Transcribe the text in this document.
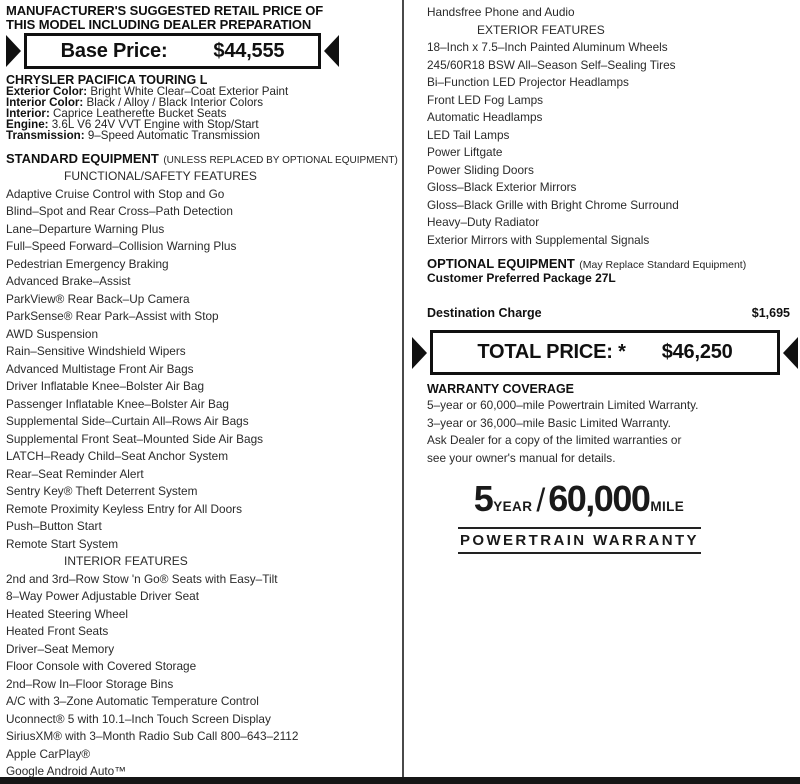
MANUFACTURER'S SUGGESTED RETAIL PRICE OF
THIS MODEL INCLUDING DEALER PREPARATION
Base Price: $44,555
CHRYSLER PACIFICA TOURING L
Exterior Color: Bright White Clear–Coat Exterior Paint
Interior Color: Black / Alloy / Black Interior Colors
Interior: Caprice Leatherette Bucket Seats
Engine: 3.6L V6 24V VVT Engine with Stop/Start
Transmission: 9–Speed Automatic Transmission
STANDARD EQUIPMENT (UNLESS REPLACED BY OPTIONAL EQUIPMENT)
FUNCTIONAL/SAFETY FEATURES
Adaptive Cruise Control with Stop and Go
Blind–Spot and Rear Cross–Path Detection
Lane–Departure Warning Plus
Full–Speed Forward–Collision Warning Plus
Pedestrian Emergency Braking
Advanced Brake–Assist
ParkView® Rear Back–Up Camera
ParkSense® Rear Park–Assist with Stop
AWD Suspension
Rain–Sensitive Windshield Wipers
Advanced Multistage Front Air Bags
Driver Inflatable Knee–Bolster Air Bag
Passenger Inflatable Knee–Bolster Air Bag
Supplemental Side–Curtain All–Rows Air Bags
Supplemental Front Seat–Mounted Side Air Bags
LATCH–Ready Child–Seat Anchor System
Rear–Seat Reminder Alert
Sentry Key® Theft Deterrent System
Remote Proximity Keyless Entry for All Doors
Push–Button Start
Remote Start System
INTERIOR FEATURES
2nd and 3rd–Row Stow 'n Go® Seats with Easy–Tilt
8–Way Power Adjustable Driver Seat
Heated Steering Wheel
Heated Front Seats
Driver–Seat Memory
Floor Console with Covered Storage
2nd–Row In–Floor Storage Bins
A/C with 3–Zone Automatic Temperature Control
Uconnect® 5 with 10.1–Inch Touch Screen Display
SiriusXM® with 3–Month Radio Sub Call 800–643–2112
Apple CarPlay®
Google Android Auto™
Handsfree Phone and Audio
EXTERIOR FEATURES
18–Inch x 7.5–Inch Painted Aluminum Wheels
245/60R18 BSW All–Season Self–Sealing Tires
Bi–Function LED Projector Headlamps
Front LED Fog Lamps
Automatic Headlamps
LED Tail Lamps
Power Liftgate
Power Sliding Doors
Gloss–Black Exterior Mirrors
Gloss–Black Grille with Bright Chrome Surround
Heavy–Duty Radiator
Exterior Mirrors with Supplemental Signals
OPTIONAL EQUIPMENT (May Replace Standard Equipment)
Customer Preferred Package 27L
Destination Charge	$1,695
TOTAL PRICE: * $46,250
WARRANTY COVERAGE
5–year or 60,000–mile Powertrain Limited Warranty.
3–year or 36,000–mile Basic Limited Warranty.
Ask Dealer for a copy of the limited warranties or
see your owner's manual for details.
5 YEAR / 60,000 MILE
POWERTRAIN WARRANTY
